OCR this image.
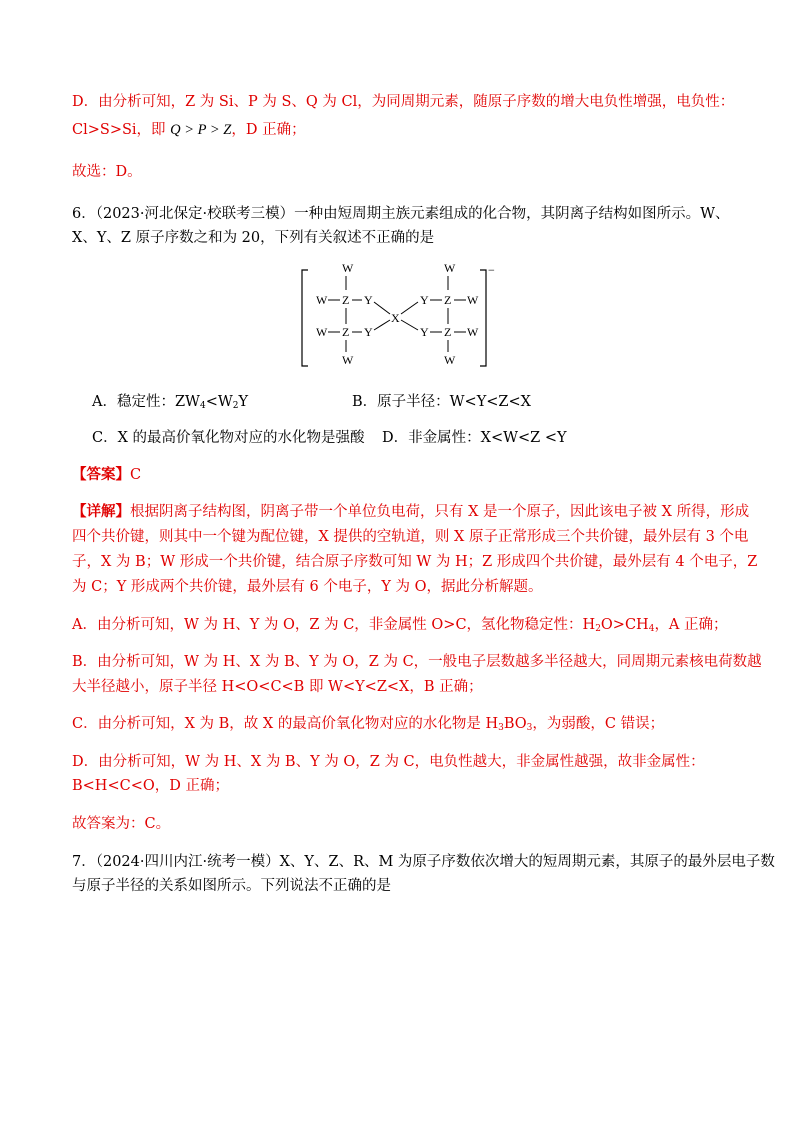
D．由分析可知，Z 为 Si、P 为 S、Q 为 Cl，为同周期元素，随原子序数的增大电负性增强，电负性：
Cl>S>Si，即 Q > P > Z，D 正确；
故选：D。
6．（2023·河北保定·校联考三模）一种由短周期主族元素组成的化合物，其阴离子结构如图所示。W、
X、Y、Z 原子序数之和为 20，下列有关叙述不正确的是
−
W
W Z Y
W Z Y
W
X
W
Y Z W
Y Z W
W
A．稳定性：$ZW_4<W_2Y$	B．原子半径：W<Y<Z<X
C．X 的最高价氧化物对应的水化物是强酸 D．非金属性：X<W<Z <Y
【答案】C
【详解】根据阴离子结构图，阴离子带一个单位负电荷，只有 X 是一个原子，因此该电子被 X 所得，形成
四个共价键，则其中一个键为配位键，X 提供的空轨道，则 X 原子正常形成三个共价键，最外层有 3 个电
子，X 为 B；W 形成一个共价键，结合原子序数可知 W 为 H；Z 形成四个共价键，最外层有 4 个电子，Z
为 C；Y 形成两个共价键，最外层有 6 个电子，Y 为 O，据此分析解题。
A．由分析可知，W 为 H、Y 为 O，Z 为 C，非金属性 O>C，氢化物稳定性：$H_2O>CH_4$，A 正确；
B．由分析可知，W 为 H、X 为 B、Y 为 O，Z 为 C，一般电子层数越多半径越大，同周期元素核电荷数越
大半径越小，原子半径 H<O<C<B 即 W<Y<Z<X，B 正确；
C．由分析可知，X 为 B，故 X 的最高价氧化物对应的水化物是 $H_3BO_3$，为弱酸，C 错误；
D．由分析可知，W 为 H、X 为 B、Y 为 O，Z 为 C，电负性越大，非金属性越强，故非金属性：
B<H<C<O，D 正确；
故答案为：C。
7．（2024·四川内江·统考一模）X、Y、Z、R、M 为原子序数依次增大的短周期元素，其原子的最外层电子数
与原子半径的关系如图所示。下列说法不正确的是
